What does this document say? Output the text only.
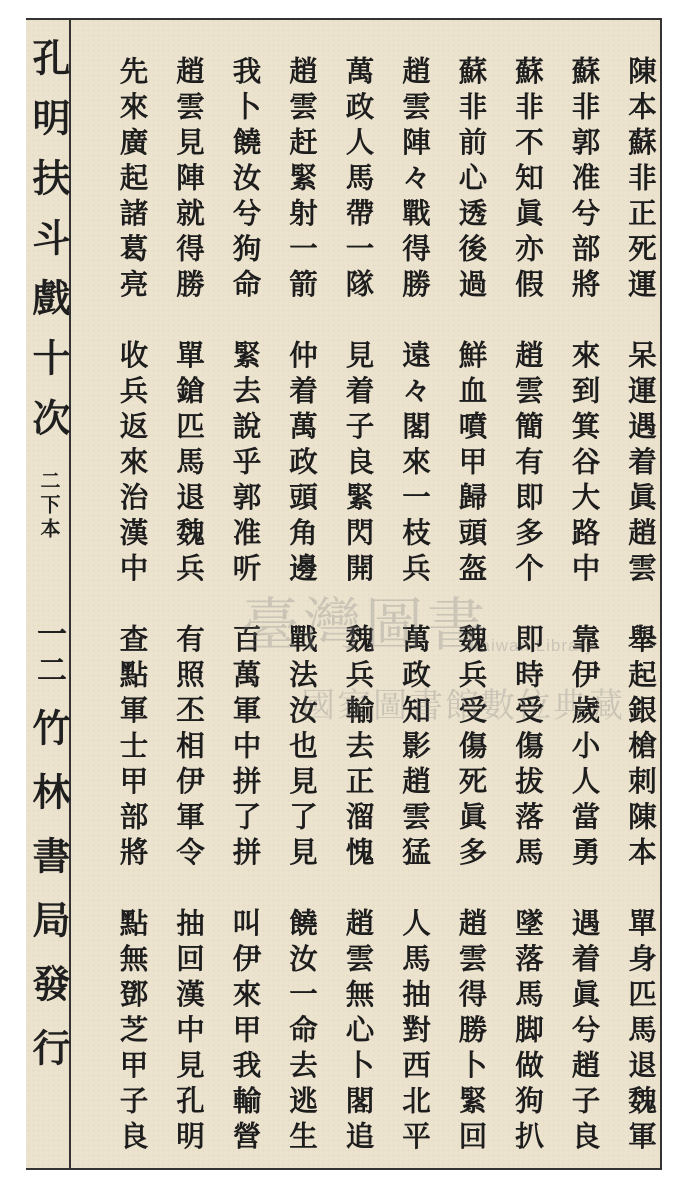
陳本蘇非正死運　呆運遇着眞趙雲　舉起銀槍刺陳本　單身匹馬退魏軍
蘇非郭准兮部將　來到箕谷大路中　靠伊歲小人當勇　遇着眞兮趙子良
蘇非不知眞亦假　趙雲簡有即多个　即時受傷拔落馬　墜落馬脚做狗扒
蘇非前心透後過　鮮血噴甲歸頭盔　魏兵受傷死眞多　趙雲得勝卜緊回
趙雲陣々戰得勝　遠々閣來一枝兵　萬政知影趙雲猛　人馬抽對西北平
萬政人馬帶一隊　見着子良緊閃開　魏兵輸去正溜愧　趙雲無心卜閣追
趙雲赶緊射一箭　仲着萬政頭角邊　戰法汝也見了見　饒汝一命去逃生
我卜饒汝兮狗命　緊去說乎郭准听　百萬軍中拼了拼　叫伊來甲我輸營
趙雲見陣就得勝　單鎗匹馬退魏兵　有照丕相伊軍令　抽回漢中見孔明
先來廣起諸葛亮　收兵返來治漢中　查點軍士甲部將　點無鄧芝甲子良
孔明扶斗戲十次
二下本
一二
竹林書局發行
臺灣圖書
Taiwan Library
國家圖書館數位典藏
